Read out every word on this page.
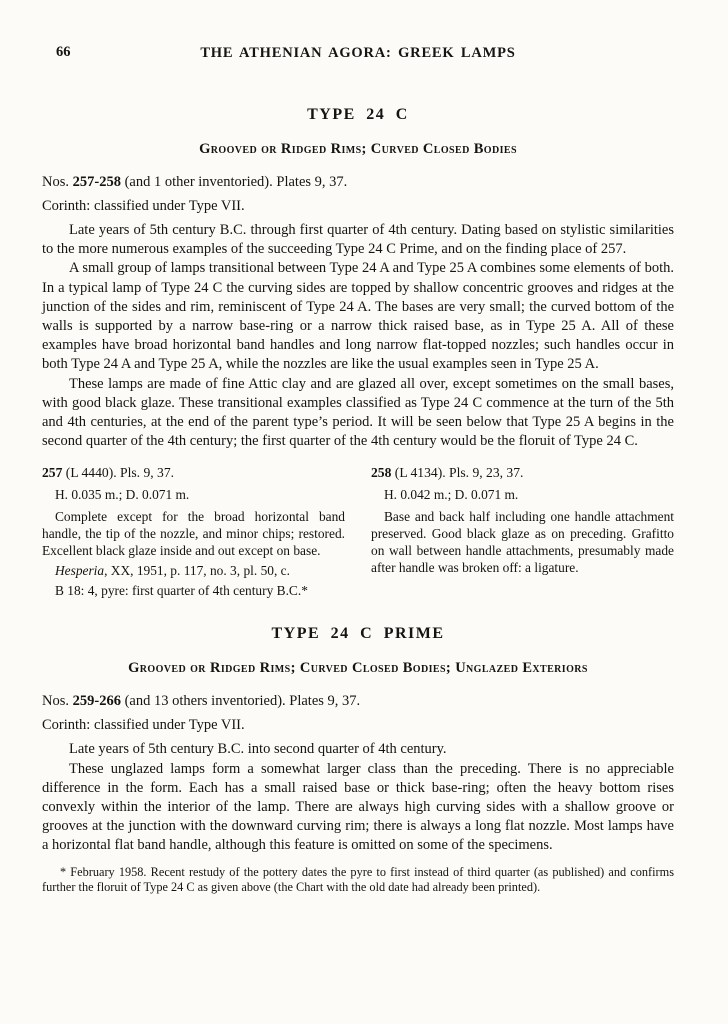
66	THE ATHENIAN AGORA: GREEK LAMPS
TYPE 24 C
Grooved or Ridged Rims; Curved Closed Bodies
Nos. 257-258 (and 1 other inventoried). Plates 9, 37.
Corinth: classified under Type VII.

Late years of 5th century B.C. through first quarter of 4th century. Dating based on stylistic similarities to the more numerous examples of the succeeding Type 24 C Prime, and on the finding place of 257.

A small group of lamps transitional between Type 24 A and Type 25 A combines some elements of both. In a typical lamp of Type 24 C the curving sides are topped by shallow concentric grooves and ridges at the junction of the sides and rim, reminiscent of Type 24 A. The bases are very small; the curved bottom of the walls is supported by a narrow base-ring or a narrow thick raised base, as in Type 25 A. All of these examples have broad horizontal band handles and long narrow flat-topped nozzles; such handles occur in both Type 24 A and Type 25 A, while the nozzles are like the usual examples seen in Type 25 A.

These lamps are made of fine Attic clay and are glazed all over, except sometimes on the small bases, with good black glaze. These transitional examples classified as Type 24 C commence at the turn of the 5th and 4th centuries, at the end of the parent type’s period. It will be seen below that Type 25 A begins in the second quarter of the 4th century; the first quarter of the 4th century would be the floruit of Type 24 C.

257 (L 4440). Pls. 9, 37.
H. 0.035 m.; D. 0.071 m.
Complete except for the broad horizontal band handle, the tip of the nozzle, and minor chips; restored. Excellent black glaze inside and out except on base.
Hesperia, XX, 1951, p. 117, no. 3, pl. 50, c.
B 18: 4, pyre: first quarter of 4th century B.C.*
258 (L 4134). Pls. 9, 23, 37.
H. 0.042 m.; D. 0.071 m.
Base and back half including one handle attachment preserved. Good black glaze as on preceding. Grafitto on wall between handle attachments, presumably made after handle was broken off: a ligature.
TYPE 24 C PRIME
Grooved or Ridged Rims; Curved Closed Bodies; Unglazed Exteriors
Nos. 259-266 (and 13 others inventoried). Plates 9, 37.
Corinth: classified under Type VII.

Late years of 5th century B.C. into second quarter of 4th century.

These unglazed lamps form a somewhat larger class than the preceding. There is no appreciable difference in the form. Each has a small raised base or thick base-ring; often the heavy bottom rises convexly within the interior of the lamp. There are always high curving sides with a shallow groove or grooves at the junction with the downward curving rim; there is always a long flat nozzle. Most lamps have a horizontal flat band handle, although this feature is omitted on some of the specimens.

* February 1958. Recent restudy of the pottery dates the pyre to first instead of third quarter (as published) and confirms further the floruit of Type 24 C as given above (the Chart with the old date had already been printed).
